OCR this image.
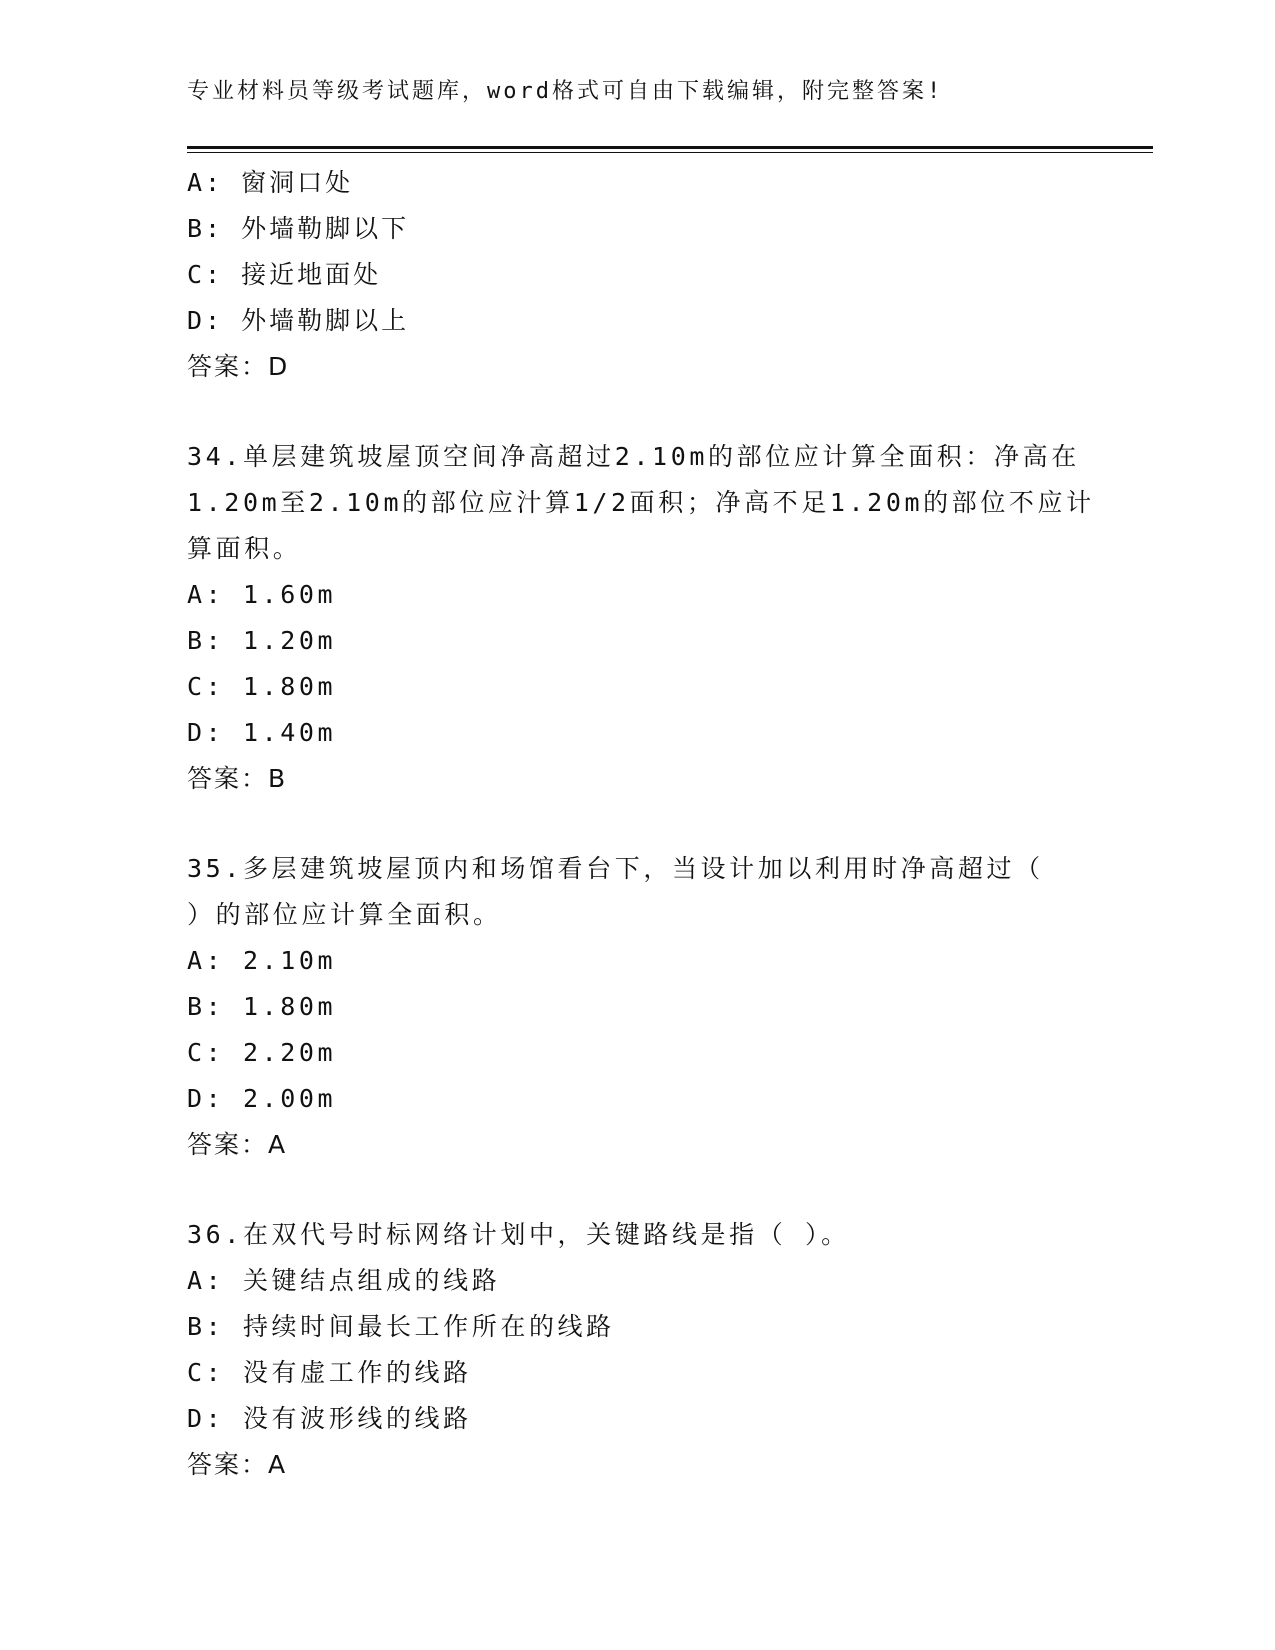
专业材料员等级考试题库，word格式可自由下载编辑，附完整答案!
A: 窗洞口处
B: 外墙勒脚以下
C: 接近地面处
D: 外墙勒脚以上
答案：D
34.单层建筑坡屋顶空间净高超过2.10m的部位应计算全面积：净高在
1.20m至2.10m的部位应汁算1/2面积；净高不足1.20m的部位不应计
算面积。
A: 1.60m
B: 1.20m
C: 1.80m
D: 1.40m
答案：B
35.多层建筑坡屋顶内和场馆看台下，当设计加以利用时净高超过（
）的部位应计算全面积。
A: 2.10m
B: 1.80m
C: 2.20m
D: 2.00m
答案：A
36.在双代号时标网络计划中，关键路线是指（ ）。
A: 关键结点组成的线路
B: 持续时间最长工作所在的线路
C: 没有虚工作的线路
D: 没有波形线的线路
答案：A
